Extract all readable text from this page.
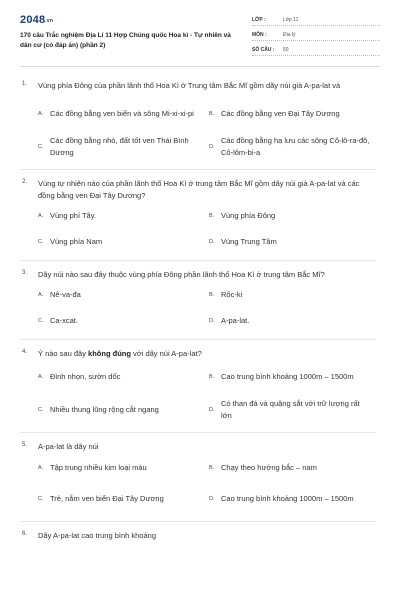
$2048_{.vn}$
170 câu Trắc nghiệm Địa Lí 11 Hợp Chúng quốc Hoa kì - Tự nhiên và dân cư (có đáp án) (phần 2)
LỚP :	Lớp 11
MÔN :	Địa lý
SỐ CÂU :	50
1. Vùng phía Đông của phần lãnh thổ Hoa Kì ở Trung tâm Bắc Mĩ gồm dãy núi già A-pa-lat và
A. Các đồng bằng ven biển và sông Mi-xi-xi-pi	B. Các đồng bằng ven Đại Tây Dương
C.
Các đồng bằng nhỏ, đất tốt ven Thái Bình Dương
D.
Các đồng bằng hạ lưu các sông Cô-lô-ra-đô, Cô-lôm-bi-a
2. Vùng tự nhiên nào của phần lãnh thổ Hoa Kì ở trung tâm Bắc Mĩ gồm dãy núi già A-pa-lat và các đồng bằng ven Đại Tây Dương?
A. Vùng phí Tây.	B. Vùng phía Đông
C. Vùng phía Nam	D. Vùng Trung Tâm
3. Dãy núi nào sau đây thuộc vùng phía Đông phần lãnh thổ Hoa Kì ở trung tâm Bắc Mĩ?
A. Nê-va-đa	B. Rốc-ki
C. Ca-xcat.	D. A-pa-lat.
4. Ý nào sau đây không đúng với dãy núi A-pa-lat?
A. Đỉnh nhọn, sườn dốc	B. Cao trung bình khoảng 1000m – 1500m
C. Nhiều thung lũng rộng cắt ngang	D.
Có than đá và quặng sắt với trữ lượng rất lớn
5. A-pa-lat là dãy núi
A. Tập trung nhiều kim loại màu	B. Chạy theo hướng bắc – nam
C. Trẻ, nằm ven biển Đại Tây Dương	D. Cao trung bình khoảng 1000m – 1500m
6. Dãy A-pa-lat cao trung bình khoảng
